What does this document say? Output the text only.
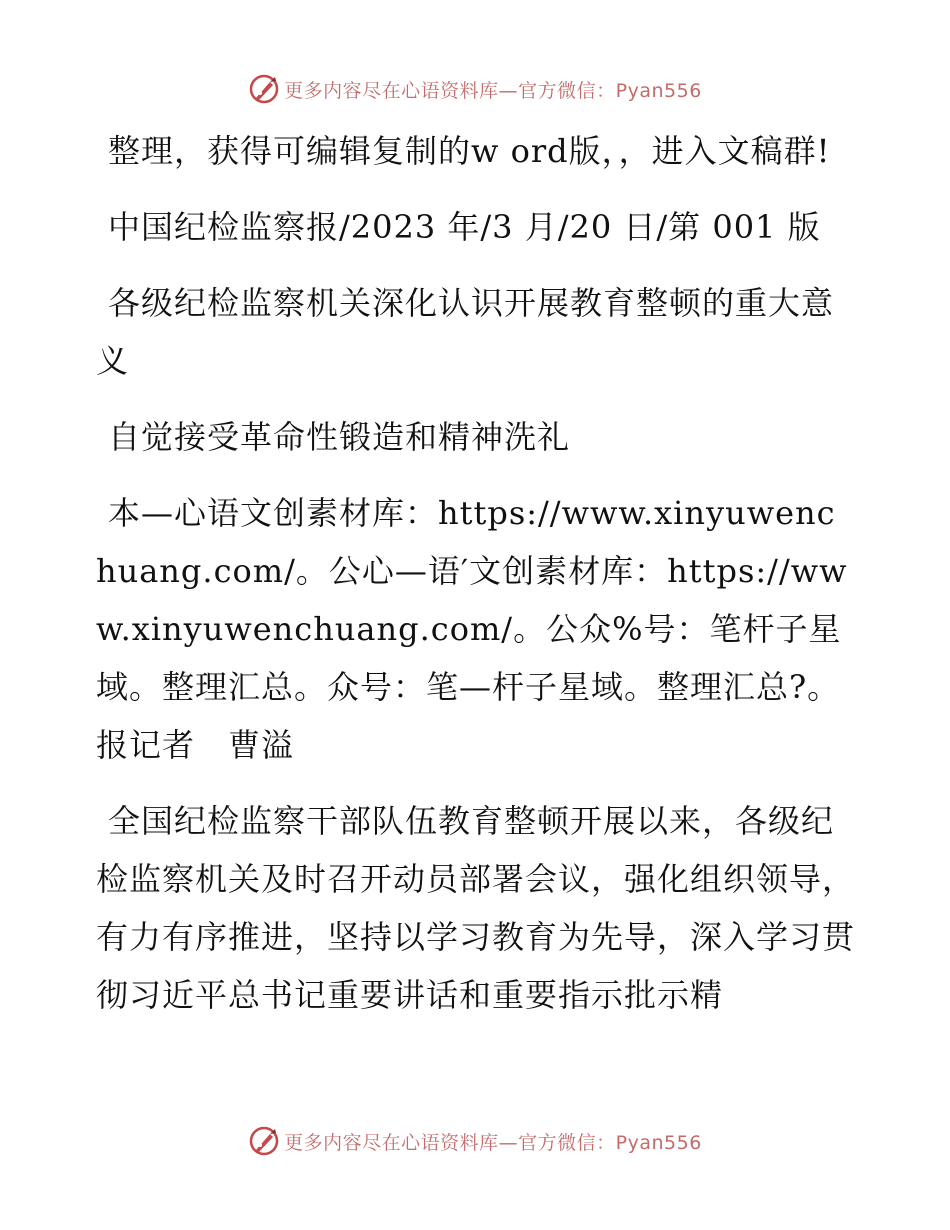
更多内容尽在心语资料库—官方微信：Pyan556

整理，获得可编辑复制的w ord版，，进入文稿群!

中国纪检监察报/2023 年/3 月/20 日/第 001 版

各级纪检监察机关深化认识开展教育整顿的重大意义

自觉接受革命性锻造和精神洗礼

本—心语文创素材库：https://www.xinyuwenchuang.com/。公心—语′文创素材库：https://www.xinyuwenchuang.com/。公众%号：笔杆子星域。整理汇总。众号：笔—杆子星域。整理汇总?。报记者　曹溢

全国纪检监察干部队伍教育整顿开展以来，各级纪检监察机关及时召开动员部署会议，强化组织领导，有力有序推进，坚持以学习教育为先导，深入学习贯彻习近平总书记重要讲话和重要指示批示精

更多内容尽在心语资料库—官方微信：Pyan556
